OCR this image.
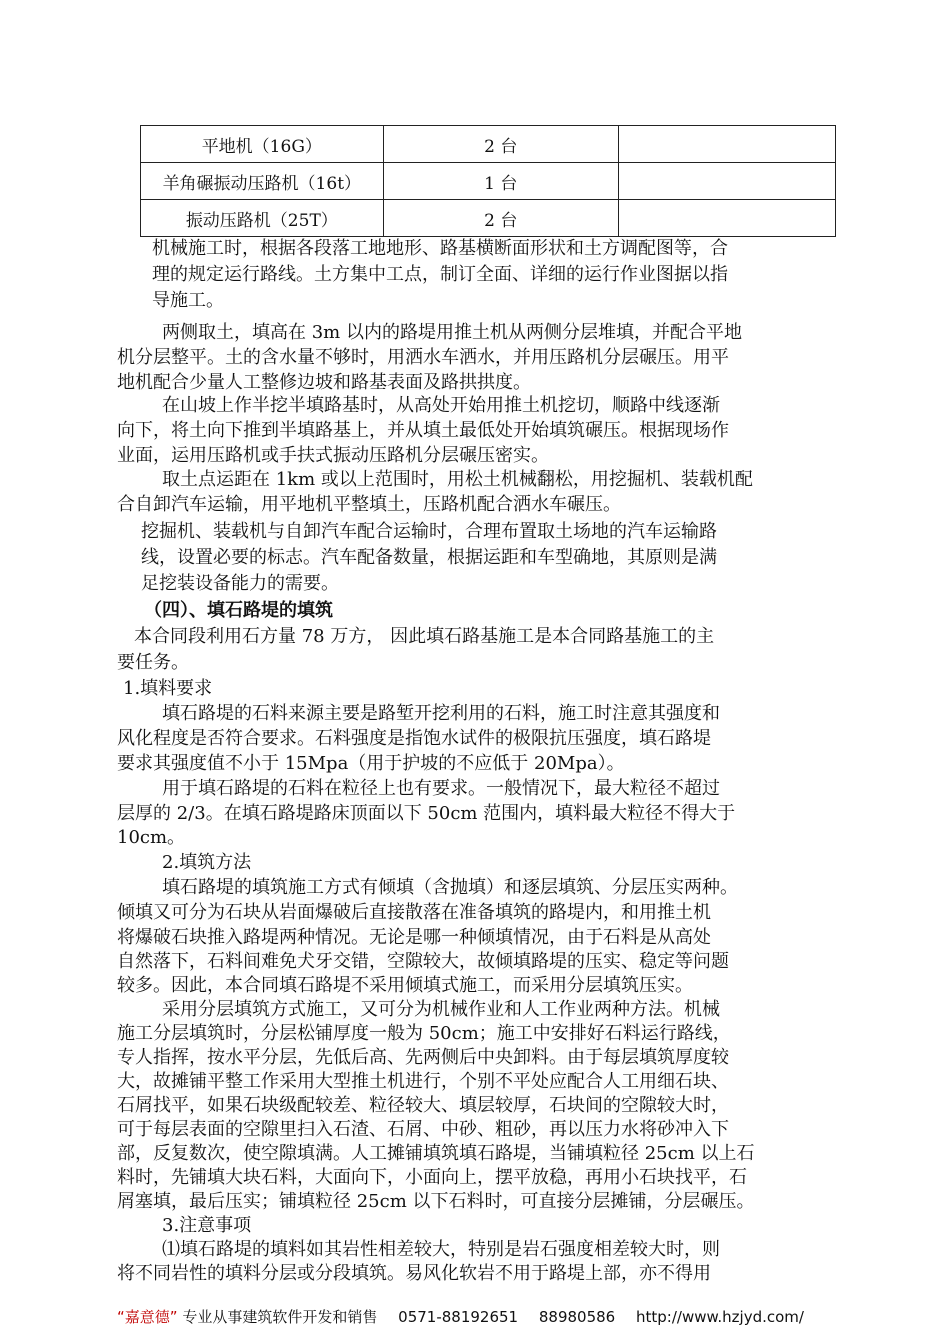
平地机（16G）	2 台	
羊角碾振动压路机（16t）	1 台	
振动压路机（25T）	2 台	
机械施工时，根据各段落工地地形、路基横断面形状和土方调配图等，合
理的规定运行路线。土方集中工点，制订全面、详细的运行作业图据以指
导施工。
两侧取土，填高在 3m 以内的路堤用推土机从两侧分层堆填，并配合平地
机分层整平。土的含水量不够时，用洒水车洒水，并用压路机分层碾压。用平
地机配合少量人工整修边坡和路基表面及路拱拱度。
在山坡上作半挖半填路基时，从高处开始用推土机挖切，顺路中线逐渐
向下，将土向下推到半填路基上，并从填土最低处开始填筑碾压。根据现场作
业面，运用压路机或手扶式振动压路机分层碾压密实。
取土点运距在 1km 或以上范围时，用松土机械翻松，用挖掘机、装载机配
合自卸汽车运输，用平地机平整填土，压路机配合洒水车碾压。
挖掘机、装载机与自卸汽车配合运输时，合理布置取土场地的汽车运输路
线，设置必要的标志。汽车配备数量，根据运距和车型确地，其原则是满
足挖装设备能力的需要。
（四）、填石路堤的填筑
本合同段利用石方量 78 万方， 因此填石路基施工是本合同路基施工的主
要任务。
1.填料要求
填石路堤的石料来源主要是路堑开挖利用的石料，施工时注意其强度和
风化程度是否符合要求。石料强度是指饱水试件的极限抗压强度，填石路堤
要求其强度值不小于 15Mpa（用于护坡的不应低于 20Mpa）。
用于填石路堤的石料在粒径上也有要求。一般情况下，最大粒径不超过
层厚的 2/3。在填石路堤路床顶面以下 50cm 范围内，填料最大粒径不得大于
10cm。
2.填筑方法
填石路堤的填筑施工方式有倾填（含抛填）和逐层填筑、分层压实两种。
倾填又可分为石块从岩面爆破后直接散落在准备填筑的路堤内，和用推土机
将爆破石块推入路堤两种情况。无论是哪一种倾填情况，由于石料是从高处
自然落下，石料间难免犬牙交错，空隙较大，故倾填路堤的压实、稳定等问题
较多。因此，本合同填石路堤不采用倾填式施工，而采用分层填筑压实。
采用分层填筑方式施工，又可分为机械作业和人工作业两种方法。机械
施工分层填筑时，分层松铺厚度一般为 50cm；施工中安排好石料运行路线，
专人指挥，按水平分层，先低后高、先两侧后中央卸料。由于每层填筑厚度较
大，故摊铺平整工作采用大型推土机进行，个别不平处应配合人工用细石块、
石屑找平，如果石块级配较差、粒径较大、填层较厚，石块间的空隙较大时，
可于每层表面的空隙里扫入石渣、石屑、中砂、粗砂，再以压力水将砂冲入下
部，反复数次，使空隙填满。人工摊铺填筑填石路堤，当铺填粒径 25cm 以上石
料时，先铺填大块石料，大面向下，小面向上，摆平放稳，再用小石块找平，石
屑塞填，最后压实；铺填粒径 25cm 以下石料时，可直接分层摊铺，分层碾压。
3.注意事项
⑴填石路堤的填料如其岩性相差较大，特别是岩石强度相差较大时，则
将不同岩性的填料分层或分段填筑。易风化软岩不用于路堤上部，亦不得用
“嘉意德” 专业从事建筑软件开发和销售 0571-88192651 88980586 http://www.hzjyd.com/
